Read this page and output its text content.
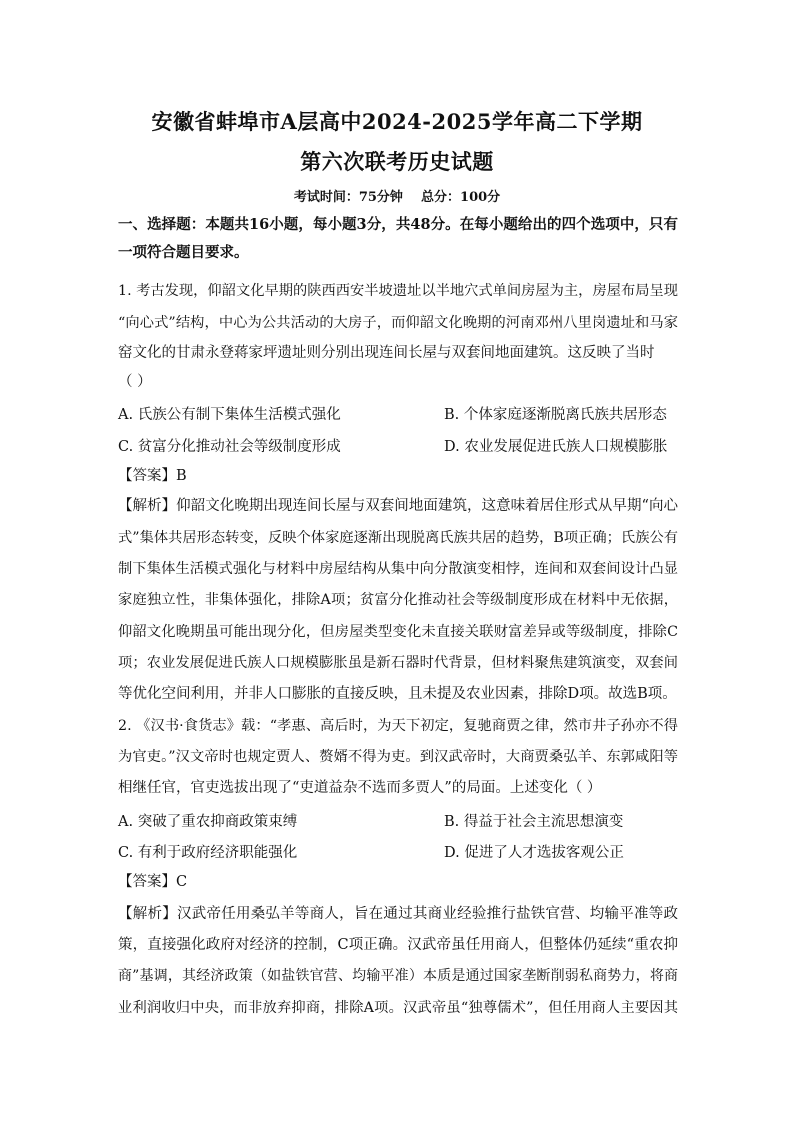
安徽省蚌埠市A层高中2024-2025学年高二下学期
第六次联考历史试题
考试时间：75分钟    总分：100分
一、选择题：本题共16小题，每小题3分，共48分。在每小题给出的四个选项中，只有
一项符合题目要求。
1. 考古发现，仰韶文化早期的陕西西安半坡遗址以半地穴式单间房屋为主，房屋布局呈现
“向心式”结构，中心为公共活动的大房子，而仰韶文化晚期的河南邓州八里岗遗址和马家
窑文化的甘肃永登蒋家坪遗址则分别出现连间长屋与双套间地面建筑。这反映了当时
（ ）
A. 氏族公有制下集体生活模式强化	B. 个体家庭逐渐脱离氏族共居形态
C. 贫富分化推动社会等级制度形成	D. 农业发展促进氏族人口规模膨胀
【答案】B
【解析】仰韶文化晚期出现连间长屋与双套间地面建筑，这意味着居住形式从早期“向心
式”集体共居形态转变，反映个体家庭逐渐出现脱离氏族共居的趋势，B项正确；氏族公有
制下集体生活模式强化与材料中房屋结构从集中向分散演变相悖，连间和双套间设计凸显
家庭独立性，非集体强化，排除A项；贫富分化推动社会等级制度形成在材料中无依据，
仰韶文化晚期虽可能出现分化，但房屋类型变化未直接关联财富差异或等级制度，排除C
项；农业发展促进氏族人口规模膨胀虽是新石器时代背景，但材料聚焦建筑演变，双套间
等优化空间利用，并非人口膨胀的直接反映，且未提及农业因素，排除D项。故选B项。
2. 《汉书·食货志》载：“孝惠、高后时，为天下初定，复驰商贾之律，然市井子孙亦不得
为官吏。”汉文帝时也规定贾人、赘婿不得为吏。到汉武帝时，大商贾桑弘羊、东郭咸阳等
相继任官，官吏选拔出现了“吏道益杂不选而多贾人”的局面。上述变化（ ）
A. 突破了重农抑商政策束缚	B. 得益于社会主流思想演变
C. 有利于政府经济职能强化	D. 促进了人才选拔客观公正
【答案】C
【解析】汉武帝任用桑弘羊等商人，旨在通过其商业经验推行盐铁官营、均输平准等政
策，直接强化政府对经济的控制，C项正确。汉武帝虽任用商人，但整体仍延续“重农抑
商”基调，其经济政策（如盐铁官营、均输平准）本质是通过国家垄断削弱私商势力，将商
业利润收归中央，而非放弃抑商，排除A项。汉武帝虽“独尊儒术”，但任用商人主要因其
